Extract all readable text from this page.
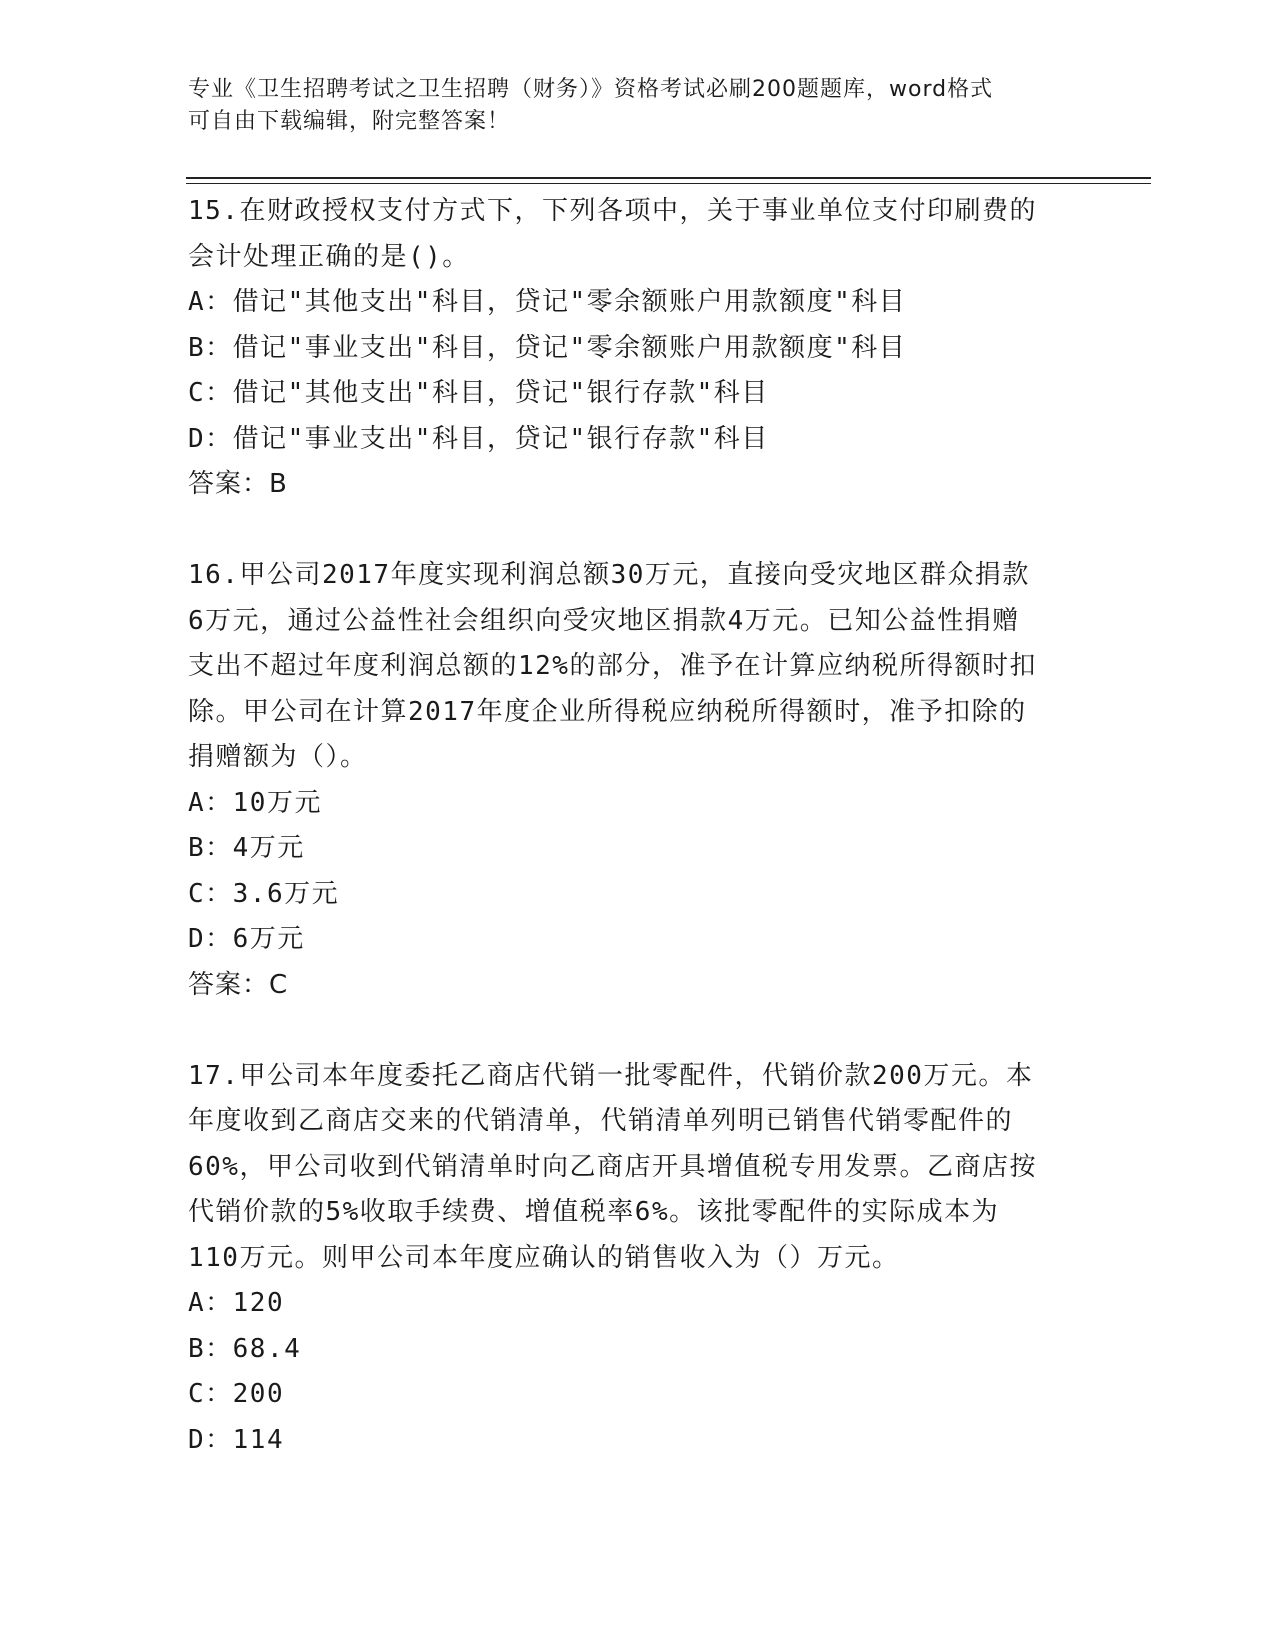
专业《卫生招聘考试之卫生招聘（财务）》资格考试必刷200题题库，word格式
可自由下载编辑，附完整答案！

15.在财政授权支付方式下，下列各项中，关于事业单位支付印刷费的

会计处理正确的是()。

A：借记"其他支出"科目，贷记"零余额账户用款额度"科目

B：借记"事业支出"科目，贷记"零余额账户用款额度"科目

C：借记"其他支出"科目，贷记"银行存款"科目

D：借记"事业支出"科目，贷记"银行存款"科目

答案：B

16.甲公司2017年度实现利润总额30万元，直接向受灾地区群众捐款

6万元，通过公益性社会组织向受灾地区捐款4万元。已知公益性捐赠

支出不超过年度利润总额的12%的部分，准予在计算应纳税所得额时扣

除。甲公司在计算2017年度企业所得税应纳税所得额时，准予扣除的

捐赠额为（）。

A：10万元

B：4万元

C：3.6万元

D：6万元

答案：C

17.甲公司本年度委托乙商店代销一批零配件，代销价款200万元。本

年度收到乙商店交来的代销清单，代销清单列明已销售代销零配件的

60%，甲公司收到代销清单时向乙商店开具增值税专用发票。乙商店按

代销价款的5%收取手续费、增值税率6%。该批零配件的实际成本为

110万元。则甲公司本年度应确认的销售收入为（）万元。

A：120

B：68.4

C：200

D：114
